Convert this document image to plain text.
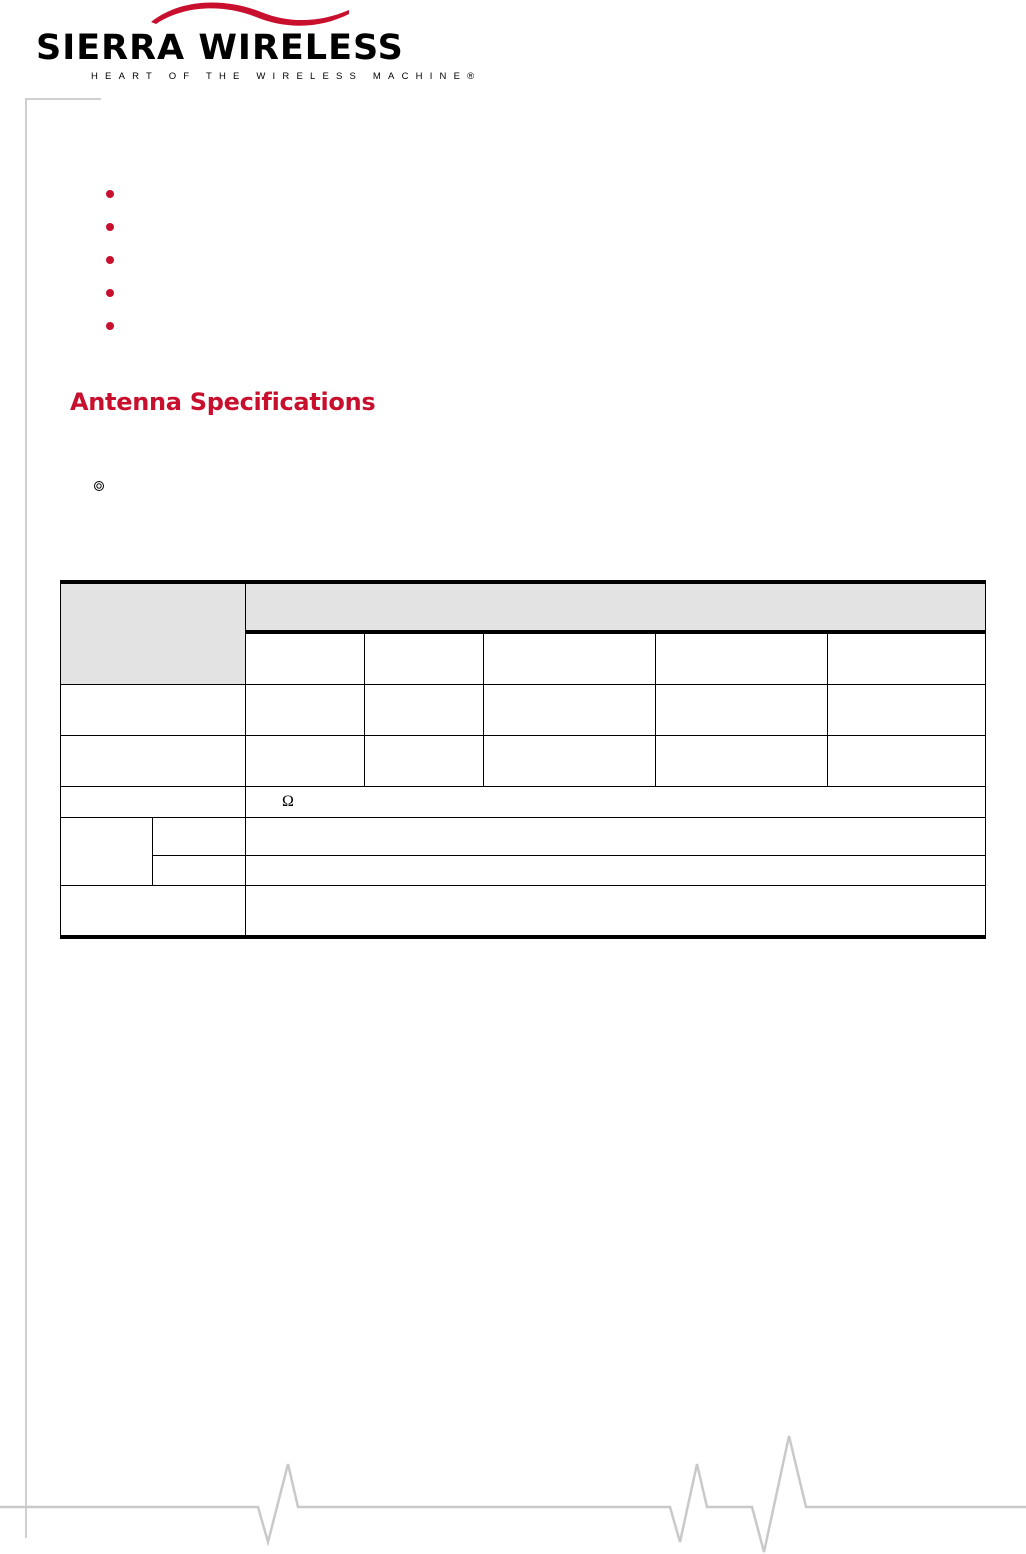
SIERRA WIRELESS
HEART OF THE WIRELESS MACHINE®
Antenna Specifications

		Ω				
